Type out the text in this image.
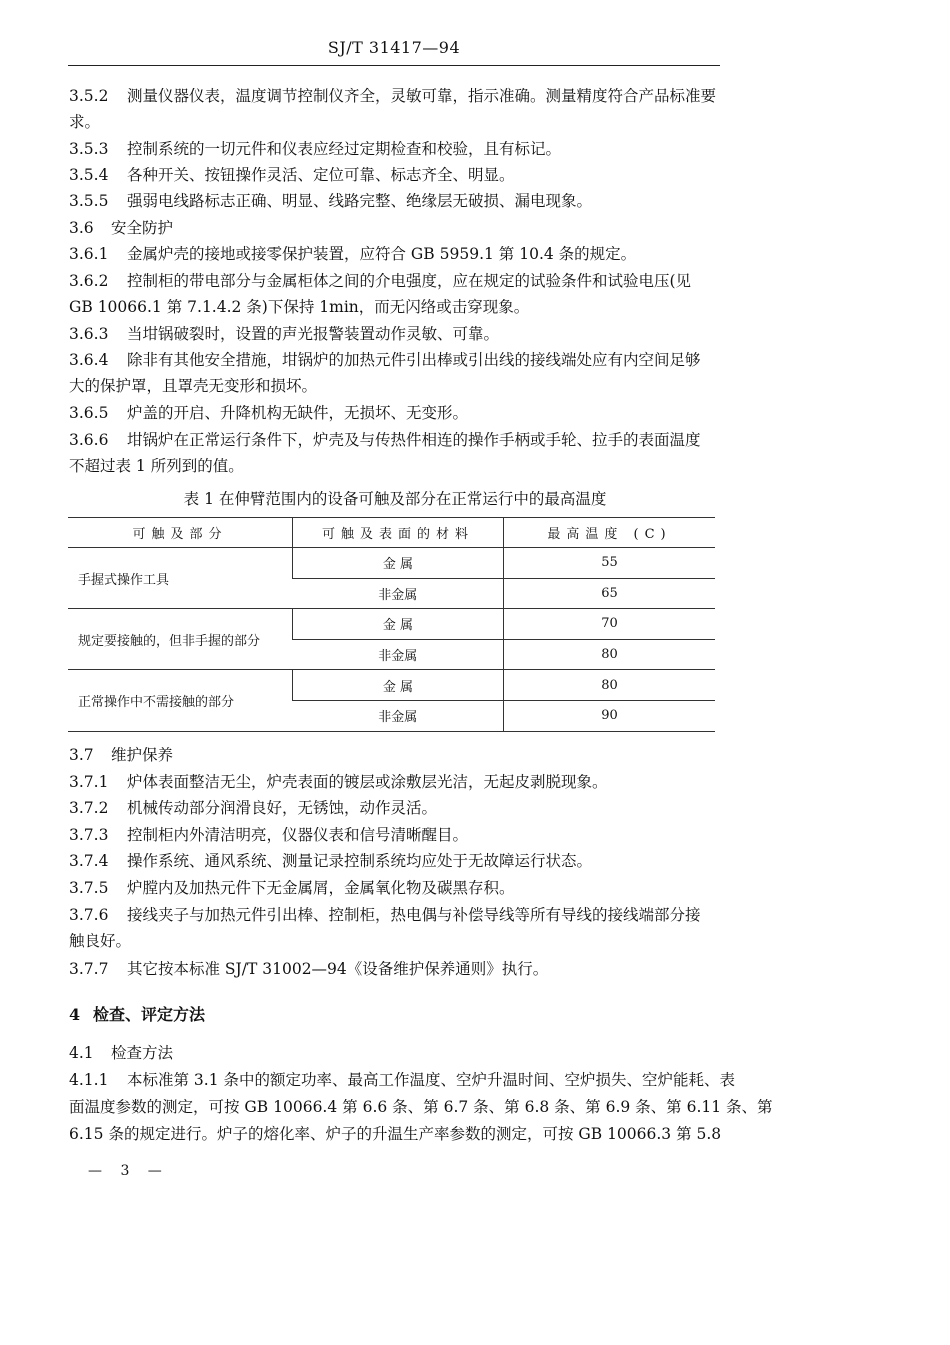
SJ/T 31417—94
3.5.2 测量仪器仪表，温度调节控制仪齐全，灵敏可靠，指示准确。测量精度符合产品标准要
求。
3.5.3 控制系统的一切元件和仪表应经过定期检查和校验，且有标记。
3.5.4 各种开关、按钮操作灵活、定位可靠、标志齐全、明显。
3.5.5 强弱电线路标志正确、明显、线路完整、绝缘层无破损、漏电现象。
3.6 安全防护
3.6.1 金属炉壳的接地或接零保护装置，应符合 GB 5959.1 第 10.4 条的规定。
3.6.2 控制柜的带电部分与金属柜体之间的介电强度，应在规定的试验条件和试验电压(见
GB 10066.1 第 7.1.4.2 条)下保持 1min，而无闪络或击穿现象。
3.6.3 当坩锅破裂时，设置的声光报警装置动作灵敏、可靠。
3.6.4 除非有其他安全措施，坩锅炉的加热元件引出棒或引出线的接线端处应有内空间足够
大的保护罩，且罩壳无变形和损坏。
3.6.5 炉盖的开启、升降机构无缺件，无损坏、无变形。
3.6.6 坩锅炉在正常运行条件下，炉壳及与传热件相连的操作手柄或手轮、拉手的表面温度
不超过表 1 所列到的值。
表 1 在伸臂范围内的设备可触及部分在正常运行中的最高温度
可触及部分	可触及表面的材料	最高温度 (C)
手握式操作工具	金 属	55
	非金属	65
规定要接触的，但非手握的部分	金 属	70
	非金属	80
正常操作中不需接触的部分	金 属	80
	非金属	90
3.7 维护保养
3.7.1 炉体表面整洁无尘，炉壳表面的镀层或涂敷层光洁，无起皮剥脱现象。
3.7.2 机械传动部分润滑良好，无锈蚀，动作灵活。
3.7.3 控制柜内外清洁明亮，仪器仪表和信号清晰醒目。
3.7.4 操作系统、通风系统、测量记录控制系统均应处于无故障运行状态。
3.7.5 炉膛内及加热元件下无金属屑，金属氧化物及碳黑存积。
3.7.6 接线夹子与加热元件引出棒、控制柜，热电偶与补偿导线等所有导线的接线端部分接
触良好。
3.7.7 其它按本标准 SJ/T 31002—94《设备维护保养通则》执行。
4 检查、评定方法
4.1 检查方法
4.1.1 本标准第 3.1 条中的额定功率、最高工作温度、空炉升温时间、空炉损失、空炉能耗、表
面温度参数的测定，可按 GB 10066.4 第 6.6 条、第 6.7 条、第 6.8 条、第 6.9 条、第 6.11 条、第
6.15 条的规定进行。炉子的熔化率、炉子的升温生产率参数的测定，可按 GB 10066.3 第 5.8
— 3 —
